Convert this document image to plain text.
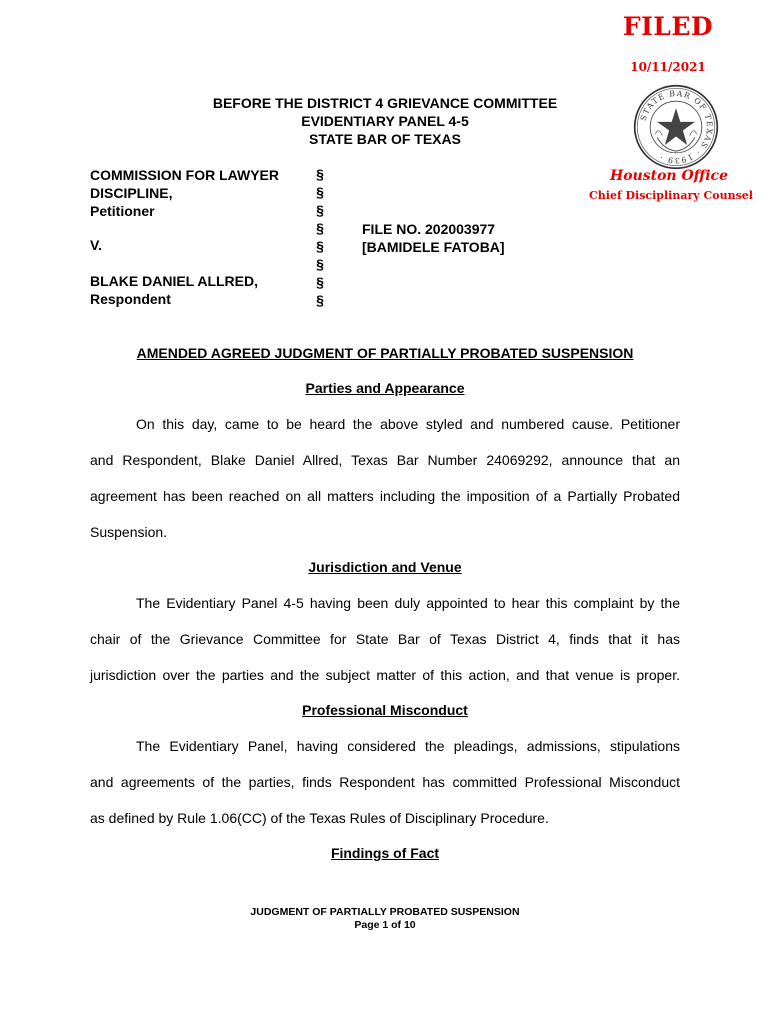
FILED
10/11/2021
STATE BAR OF TEXAS · 1939 ·
Houston Office
Chief Disciplinary Counsel
BEFORE THE DISTRICT 4 GRIEVANCE COMMITTEE
EVIDENTIARY PANEL 4-5
STATE BAR OF TEXAS
COMMISSION FOR LAWYER
DISCIPLINE,
Petitioner
V.
BLAKE DANIEL ALLRED,
Respondent
§
§
§
§
§
§
§
§
FILE NO. 202003977
[BAMIDELE FATOBA]
AMENDED AGREED JUDGMENT OF PARTIALLY PROBATED SUSPENSION
Parties and Appearance
On this day, came to be heard the above styled and numbered cause. Petitioner
and Respondent, Blake Daniel Allred, Texas Bar Number 24069292, announce that an
agreement has been reached on all matters including the imposition of a Partially Probated
Suspension.
Jurisdiction and Venue
The Evidentiary Panel 4-5 having been duly appointed to hear this complaint by the
chair of the Grievance Committee for State Bar of Texas District 4, finds that it has
jurisdiction over the parties and the subject matter of this action, and that venue is proper.
Professional Misconduct
The Evidentiary Panel, having considered the pleadings, admissions, stipulations
and agreements of the parties, finds Respondent has committed Professional Misconduct
as defined by Rule 1.06(CC) of the Texas Rules of Disciplinary Procedure.
Findings of Fact
JUDGMENT OF PARTIALLY PROBATED SUSPENSION
Page 1 of 10
